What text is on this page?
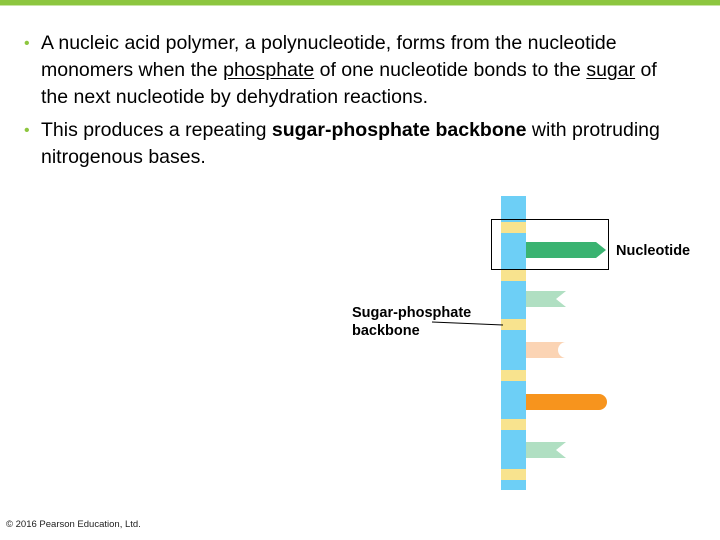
• A nucleic acid polymer, a polynucleotide, forms from the nucleotide monomers when the phosphate of one nucleotide bonds to the sugar of the next nucleotide by dehydration reactions.
• This produces a repeating sugar-phosphate backbone with protruding nitrogenous bases.

Nucleotide

Sugar-phosphate backbone

© 2016 Pearson Education, Ltd.
